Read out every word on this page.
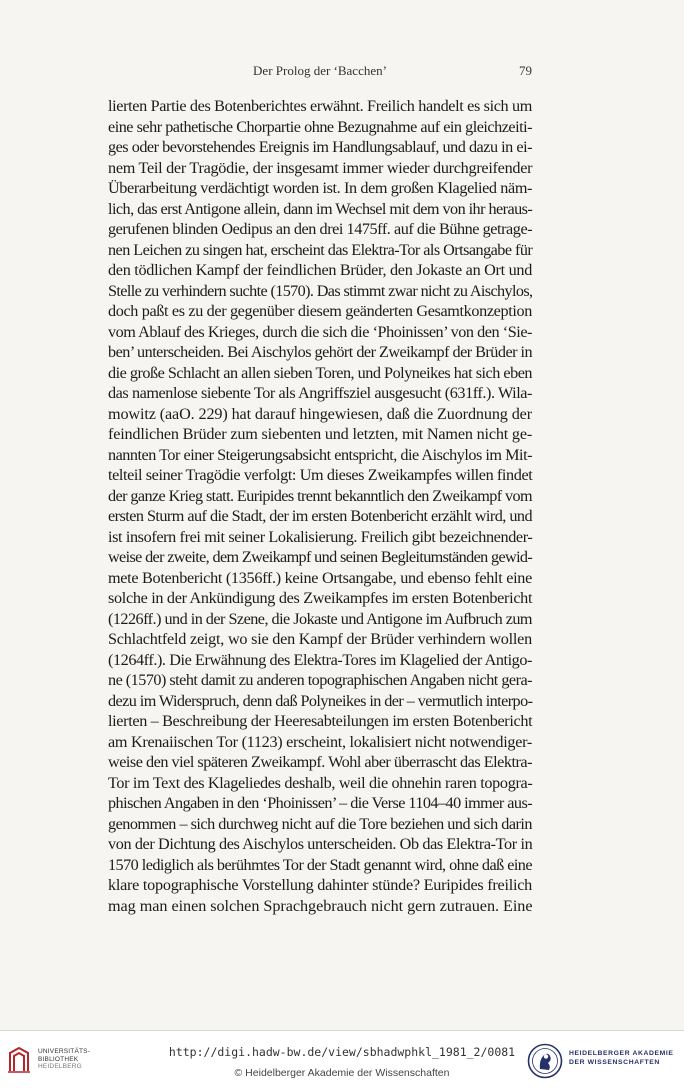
Der Prolog der ‘Bacchen’	79
lierten Partie des Botenberichtes erwähnt. Freilich handelt es sich um
eine sehr pathetische Chorpartie ohne Bezugnahme auf ein gleichzeiti-
ges oder bevorstehendes Ereignis im Handlungsablauf, und dazu in ei-
nem Teil der Tragödie, der insgesamt immer wieder durchgreifender
Überarbeitung verdächtigt worden ist. In dem großen Klagelied näm-
lich, das erst Antigone allein, dann im Wechsel mit dem von ihr heraus-
gerufenen blinden Oedipus an den drei 1475ff. auf die Bühne getrage-
nen Leichen zu singen hat, erscheint das Elektra-Tor als Ortsangabe für
den tödlichen Kampf der feindlichen Brüder, den Jokaste an Ort und
Stelle zu verhindern suchte (1570). Das stimmt zwar nicht zu Aischylos,
doch paßt es zu der gegenüber diesem geänderten Gesamtkonzeption
vom Ablauf des Krieges, durch die sich die ‘Phoinissen’ von den ‘Sie-
ben’ unterscheiden. Bei Aischylos gehört der Zweikampf der Brüder in
die große Schlacht an allen sieben Toren, und Polyneikes hat sich eben
das namenlose siebente Tor als Angriffsziel ausgesucht (631ff.). Wila-
mowitz (aaO. 229) hat darauf hingewiesen, daß die Zuordnung der
feindlichen Brüder zum siebenten und letzten, mit Namen nicht ge-
nannten Tor einer Steigerungsabsicht entspricht, die Aischylos im Mit-
telteil seiner Tragödie verfolgt: Um dieses Zweikampfes willen findet
der ganze Krieg statt. Euripides trennt bekanntlich den Zweikampf vom
ersten Sturm auf die Stadt, der im ersten Botenbericht erzählt wird, und
ist insofern frei mit seiner Lokalisierung. Freilich gibt bezeichnender-
weise der zweite, dem Zweikampf und seinen Begleitumständen gewid-
mete Botenbericht (1356ff.) keine Ortsangabe, und ebenso fehlt eine
solche in der Ankündigung des Zweikampfes im ersten Botenbericht
(1226ff.) und in der Szene, die Jokaste und Antigone im Aufbruch zum
Schlachtfeld zeigt, wo sie den Kampf der Brüder verhindern wollen
(1264ff.). Die Erwähnung des Elektra-Tores im Klagelied der Antigo-
ne (1570) steht damit zu anderen topographischen Angaben nicht gera-
dezu im Widerspruch, denn daß Polyneikes in der – vermutlich interpo-
lierten – Beschreibung der Heeresabteilungen im ersten Botenbericht
am Krenaiischen Tor (1123) erscheint, lokalisiert nicht notwendiger-
weise den viel späteren Zweikampf. Wohl aber überrascht das Elektra-
Tor im Text des Klageliedes deshalb, weil die ohnehin raren topogra-
phischen Angaben in den ‘Phoinissen’ – die Verse 1104–40 immer aus-
genommen – sich durchweg nicht auf die Tore beziehen und sich darin
von der Dichtung des Aischylos unterscheiden. Ob das Elektra-Tor in
1570 lediglich als berühmtes Tor der Stadt genannt wird, ohne daß eine
klare topographische Vorstellung dahinter stünde? Euripides freilich
mag man einen solchen Sprachgebrauch nicht gern zutrauen. Eine
UNIVERSITÄTS-
BIBLIOTHEK
HEIDELBERG
http://digi.hadw-bw.de/view/sbhadwphkl_1981_2/0081
© Heidelberger Akademie der Wissenschaften
HEIDELBERGER AKADEMIE
DER WISSENSCHAFTEN
